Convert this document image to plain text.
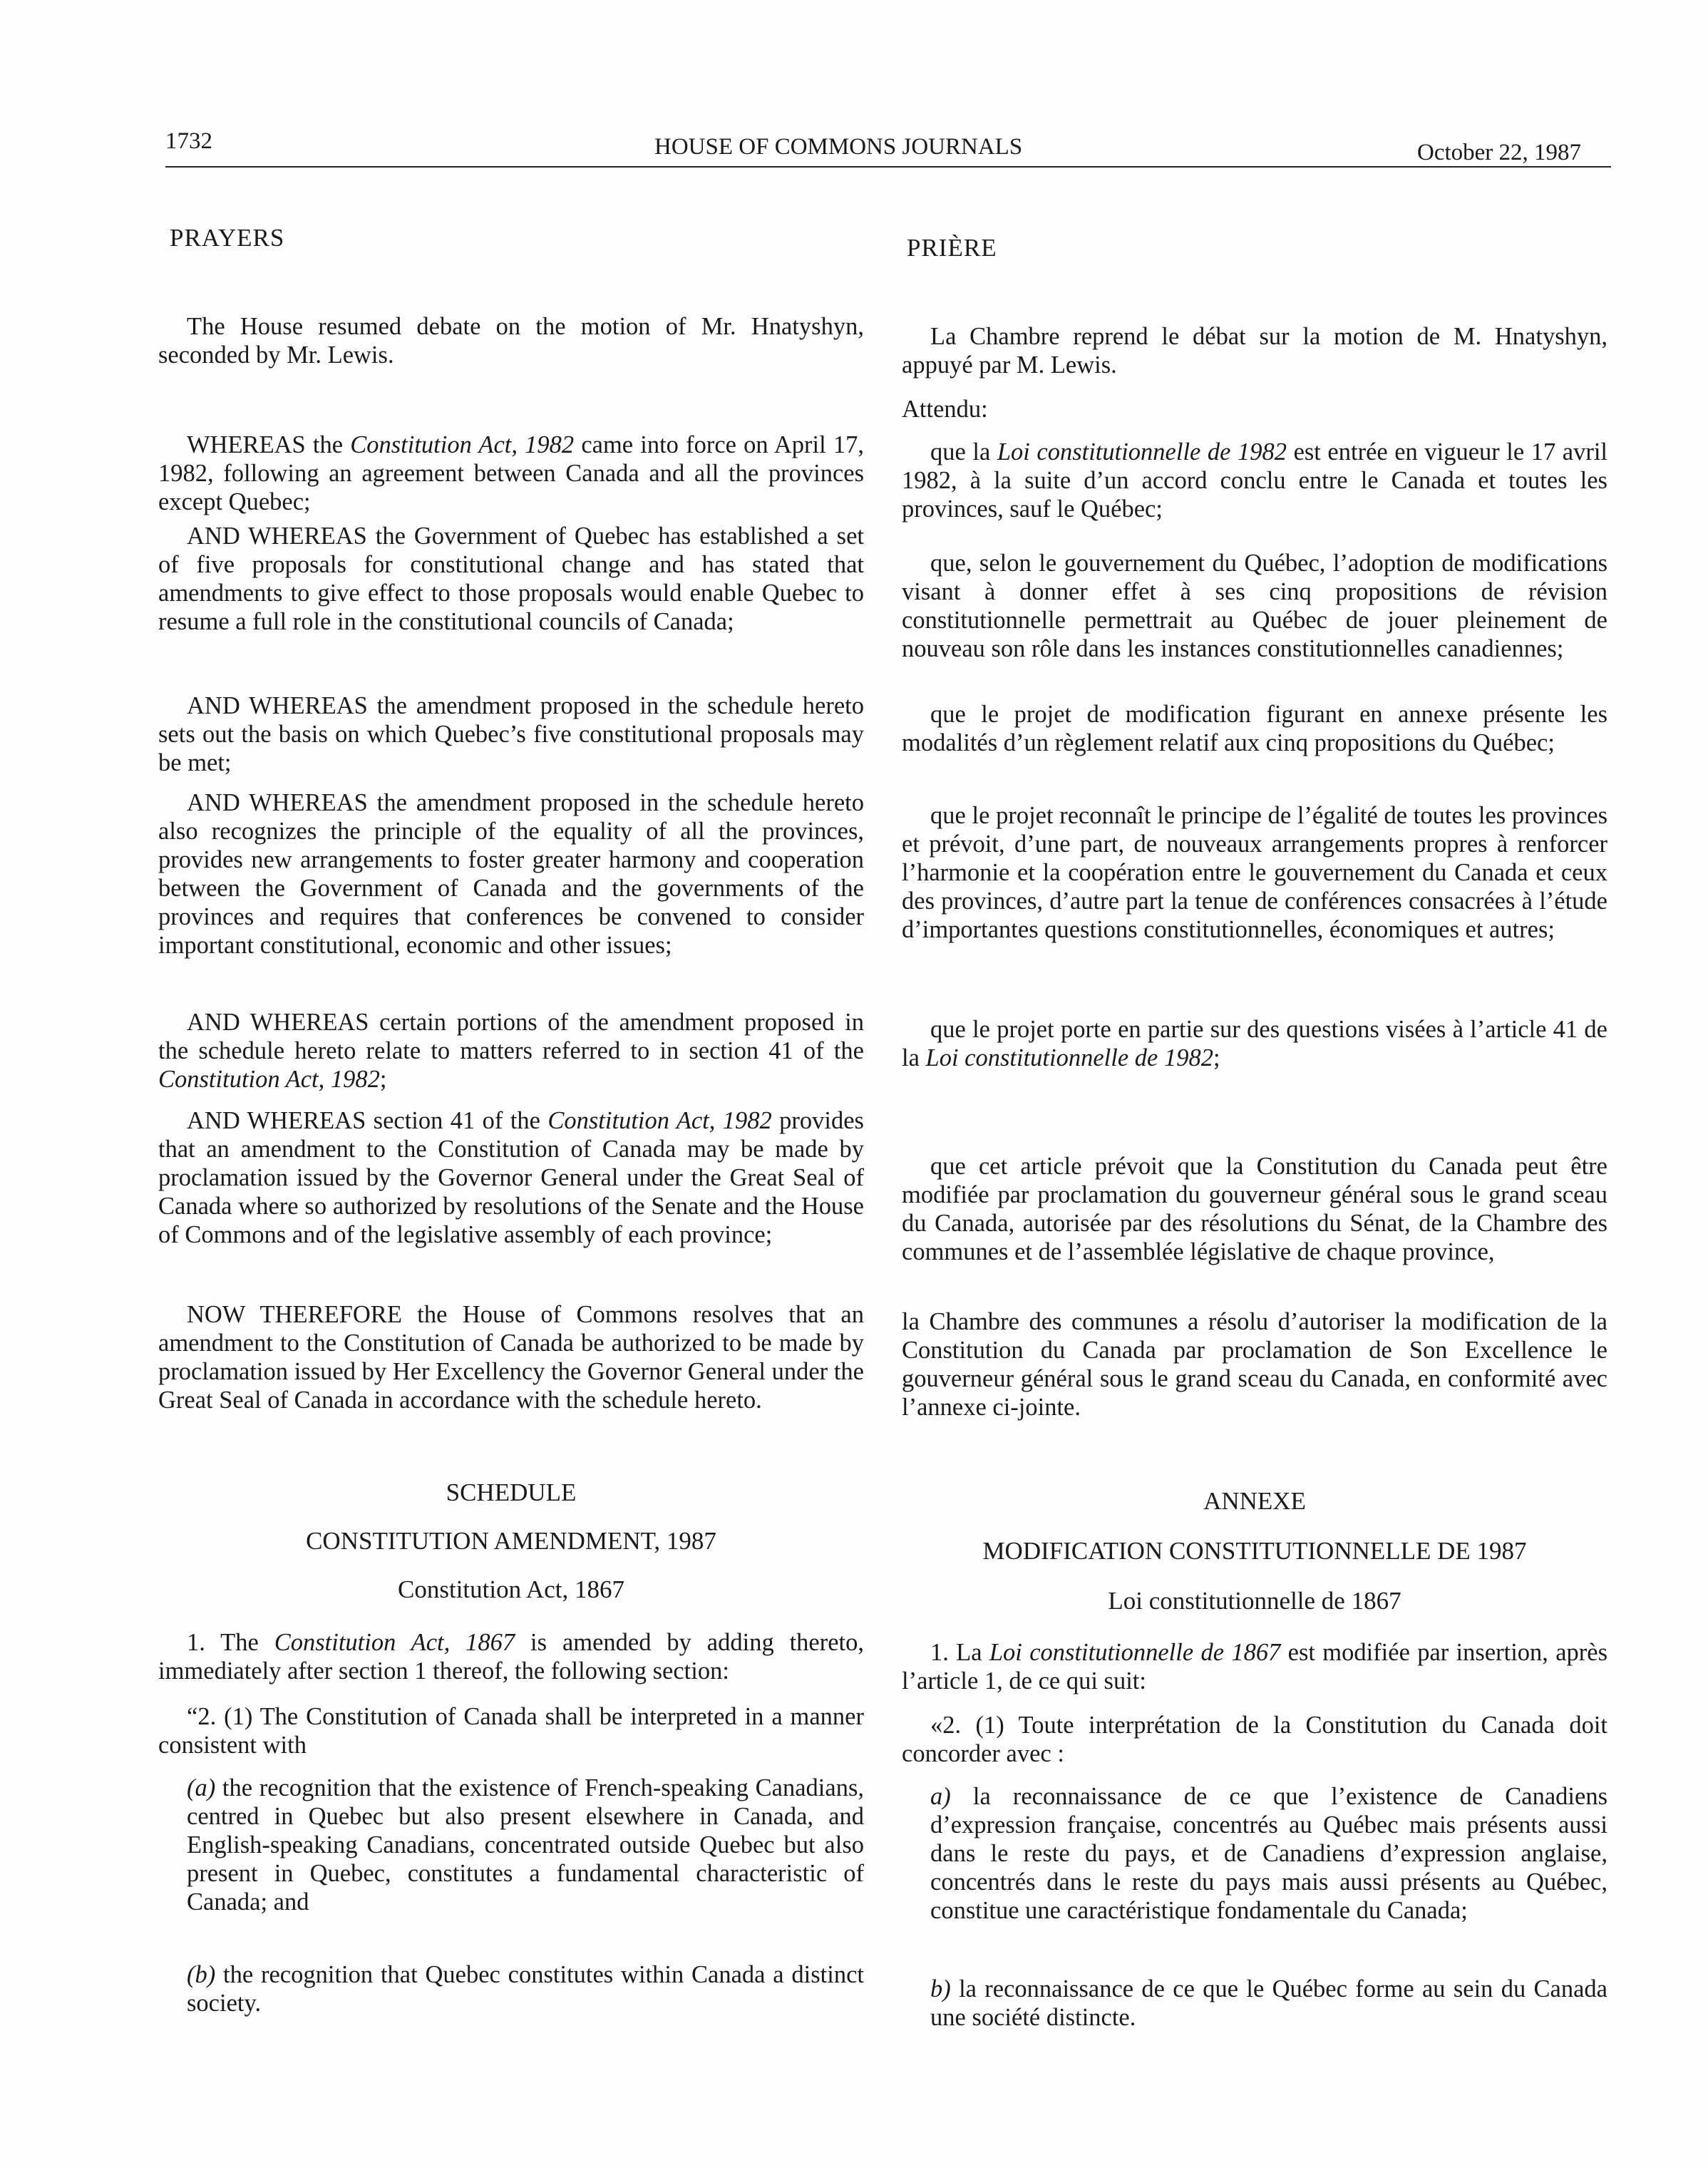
1732	HOUSE OF COMMONS JOURNALS	October 22, 1987
PRAYERS
The House resumed debate on the motion of Mr. Hnatyshyn, seconded by Mr. Lewis.
WHEREAS the Constitution Act, 1982 came into force on April 17, 1982, following an agreement between Canada and all the provinces except Quebec;
AND WHEREAS the Government of Quebec has established a set of five proposals for constitutional change and has stated that amendments to give effect to those proposals would enable Quebec to resume a full role in the constitutional councils of Canada;
AND WHEREAS the amendment proposed in the schedule hereto sets out the basis on which Quebec’s five constitutional proposals may be met;
AND WHEREAS the amendment proposed in the schedule hereto also recognizes the principle of the equality of all the provinces, provides new arrangements to foster greater harmony and cooperation between the Government of Canada and the governments of the provinces and requires that conferences be convened to consider important constitutional, economic and other issues;
AND WHEREAS certain portions of the amendment proposed in the schedule hereto relate to matters referred to in section 41 of the Constitution Act, 1982;
AND WHEREAS section 41 of the Constitution Act, 1982 provides that an amendment to the Constitution of Canada may be made by proclamation issued by the Governor General under the Great Seal of Canada where so authorized by resolutions of the Senate and the House of Commons and of the legislative assembly of each province;
NOW THEREFORE the House of Commons resolves that an amendment to the Constitution of Canada be authorized to be made by proclamation issued by Her Excellency the Governor General under the Great Seal of Canada in accordance with the schedule hereto.
SCHEDULE
CONSTITUTION AMENDMENT, 1987
Constitution Act, 1867
1. The Constitution Act, 1867 is amended by adding thereto, immediately after section 1 thereof, the following section:
“2. (1) The Constitution of Canada shall be interpreted in a manner consistent with
(a) the recognition that the existence of French-speaking Canadians, centred in Quebec but also present elsewhere in Canada, and English-speaking Canadians, concentrated outside Quebec but also present in Quebec, constitutes a fundamental characteristic of Canada; and
(b) the recognition that Quebec constitutes within Canada a distinct society.
PRIÈRE
La Chambre reprend le débat sur la motion de M. Hnatyshyn, appuyé par M. Lewis.
Attendu:
que la Loi constitutionnelle de 1982 est entrée en vigueur le 17 avril 1982, à la suite d’un accord conclu entre le Canada et toutes les provinces, sauf le Québec;
que, selon le gouvernement du Québec, l’adoption de modifications visant à donner effet à ses cinq propositions de révision constitutionnelle permettrait au Québec de jouer pleinement de nouveau son rôle dans les instances constitutionnelles canadiennes;
que le projet de modification figurant en annexe présente les modalités d’un règlement relatif aux cinq propositions du Québec;
que le projet reconnaît le principe de l’égalité de toutes les provinces et prévoit, d’une part, de nouveaux arrangements propres à renforcer l’harmonie et la coopération entre le gouvernement du Canada et ceux des provinces, d’autre part la tenue de conférences consacrées à l’étude d’importantes questions constitutionnelles, économiques et autres;
que le projet porte en partie sur des questions visées à l’article 41 de la Loi constitutionnelle de 1982;
que cet article prévoit que la Constitution du Canada peut être modifiée par proclamation du gouverneur général sous le grand sceau du Canada, autorisée par des résolutions du Sénat, de la Chambre des communes et de l’assemblée législative de chaque province,
la Chambre des communes a résolu d’autoriser la modification de la Constitution du Canada par proclamation de Son Excellence le gouverneur général sous le grand sceau du Canada, en conformité avec l’annexe ci-jointe.
ANNEXE
MODIFICATION CONSTITUTIONNELLE DE 1987
Loi constitutionnelle de 1867
1. La Loi constitutionnelle de 1867 est modifiée par insertion, après l’article 1, de ce qui suit:
«2. (1) Toute interprétation de la Constitution du Canada doit concorder avec :
a) la reconnaissance de ce que l’existence de Canadiens d’expression française, concentrés au Québec mais présents aussi dans le reste du pays, et de Canadiens d’expression anglaise, concentrés dans le reste du pays mais aussi présents au Québec, constitue une caractéristique fondamentale du Canada;
b) la reconnaissance de ce que le Québec forme au sein du Canada une société distincte.
